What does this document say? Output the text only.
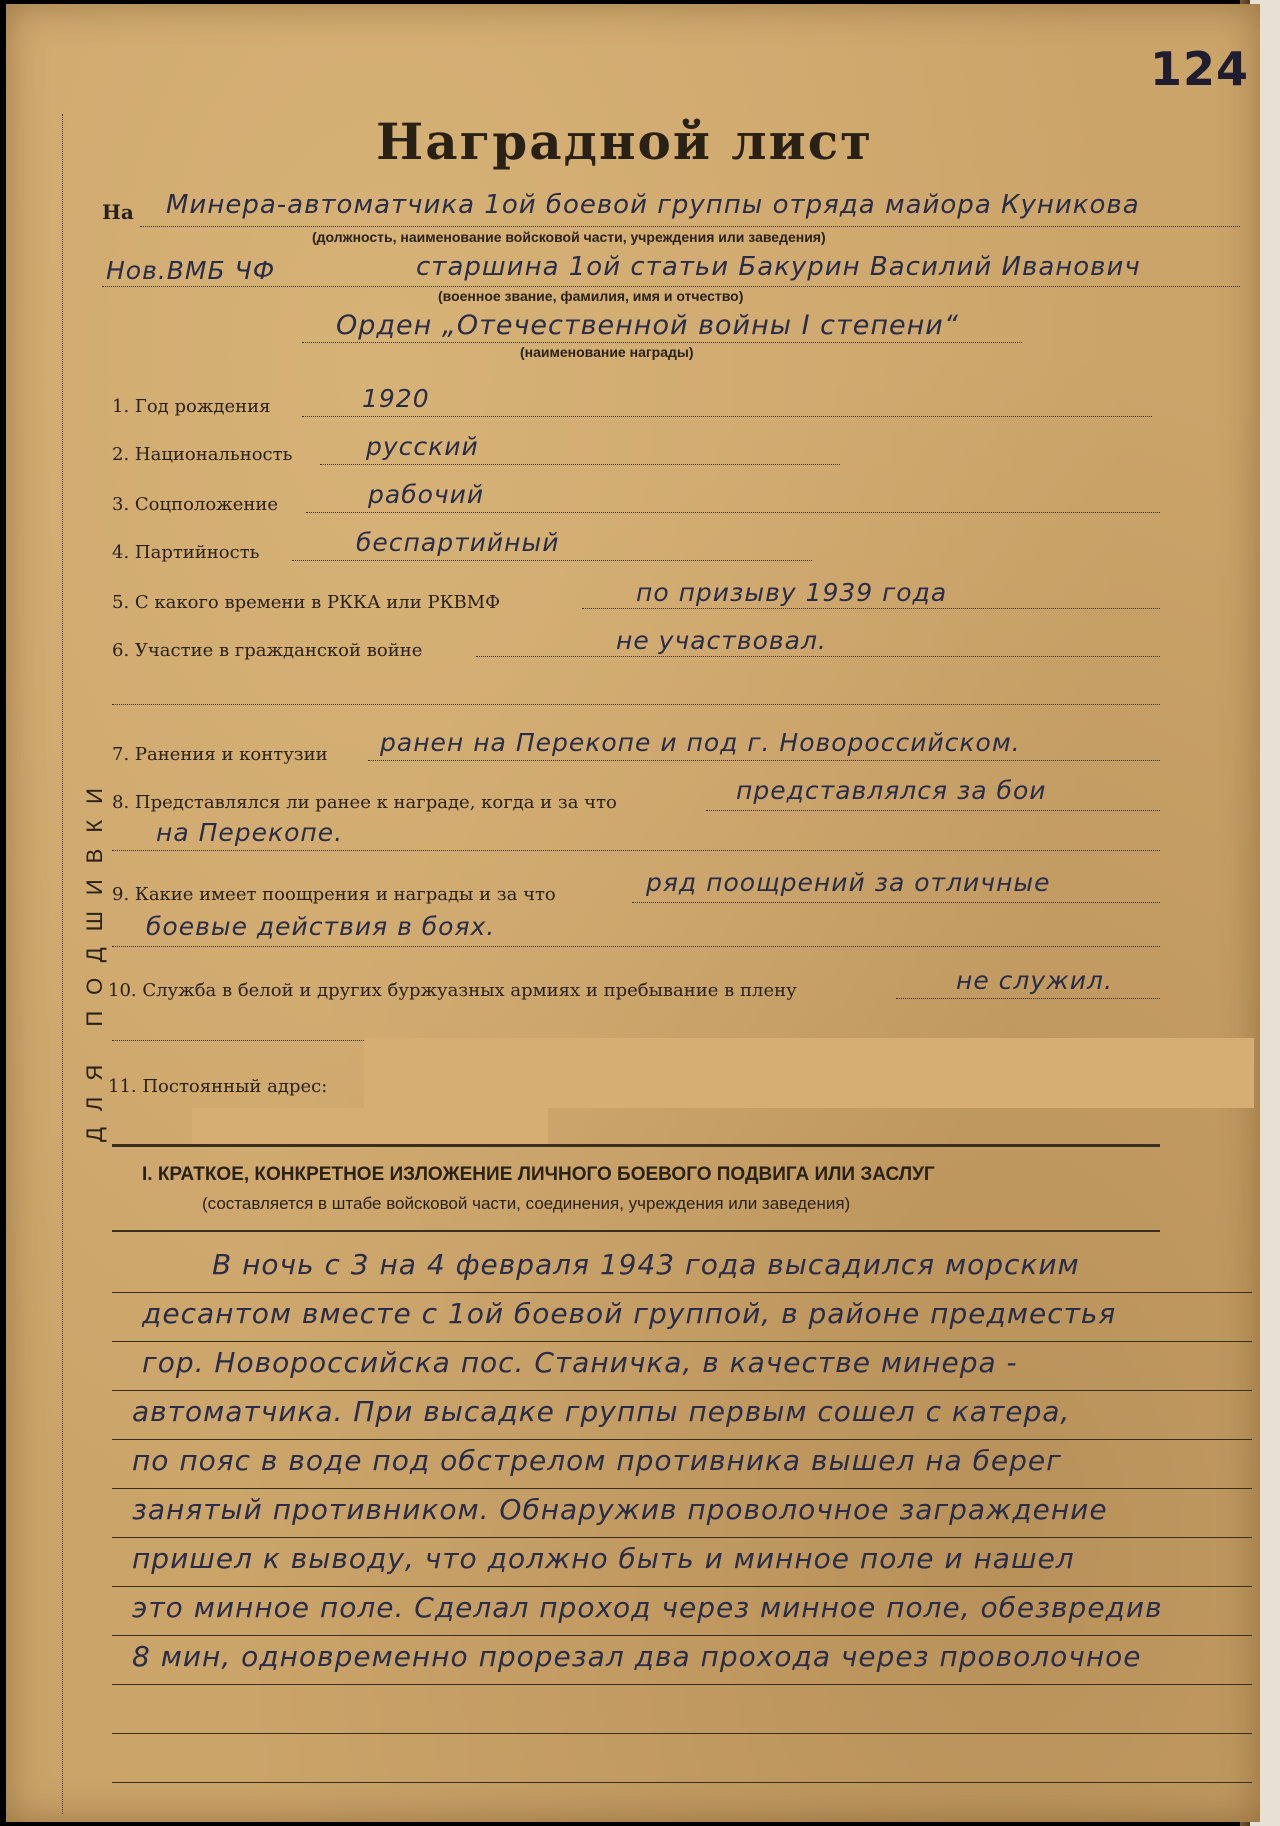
124
ДЛЯ ПОДШИВКИ
Наградной лист
На Минера-автоматчика 1ой боевой группы отряда майора Куникова
(должность, наименование войсковой части, учреждения или заведения)
Нов.ВМБ ЧФ	старшина 1ой статьи Бакурин Василий Иванович
(военное звание, фамилия, имя и отчество)
Орден „Отечественной войны I степени“
(наименование награды)
1. Год рождения	1920
2. Национальность	русский
3. Соцположение	рабочий
4. Партийность	беспартийный
5. С какого времени в РККА или РКВМФ	по призыву 1939 года
6. Участие в гражданской войне	не участвовал.
7. Ранения и контузии ранен на Перекопе и под г. Новороссийском.
8. Представлялся ли ранее к награде, когда и за что	представлялся за бои
на Перекопе.
9. Какие имеет поощрения и награды и за что	ряд поощрений за отличные
боевые действия в боях.
10. Служба в белой и других буржуазных армиях и пребывание в плену	не служил.
11. Постоянный адрес:
I. КРАТКОЕ, КОНКРЕТНОЕ ИЗЛОЖЕНИЕ ЛИЧНОГО БОЕВОГО ПОДВИГА ИЛИ ЗАСЛУГ
(составляется в штабе войсковой части, соединения, учреждения или заведения)
В ночь с 3 на 4 февраля 1943 года высадился морским
десантом вместе с 1ой боевой группой, в районе предместья
гор. Новороссийска пос. Станичка, в качестве минера -
автоматчика. При высадке группы первым сошел с катера,
по пояс в воде под обстрелом противника вышел на берег
занятый противником. Обнаружив проволочное заграждение
пришел к выводу, что должно быть и минное поле и нашел
это минное поле. Сделал проход через минное поле, обезвредив
8 мин, одновременно прорезал два прохода через проволочное
